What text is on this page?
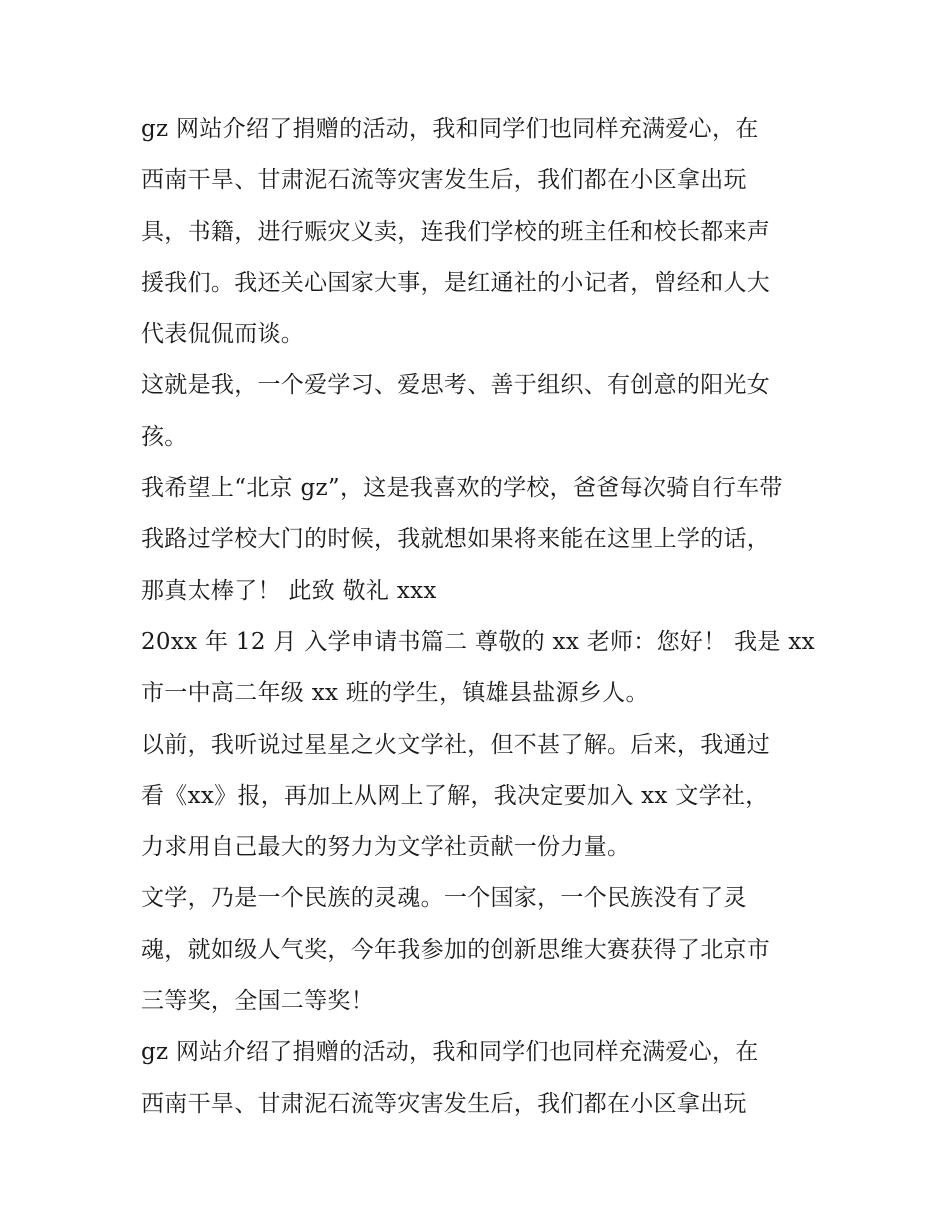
gz 网站介绍了捐赠的活动，我和同学们也同样充满爱心，在
西南干旱、甘肃泥石流等灾害发生后，我们都在小区拿出玩
具，书籍，进行赈灾义卖，连我们学校的班主任和校长都来声
援我们。我还关心国家大事，是红通社的小记者，曾经和人大
代表侃侃而谈。
这就是我，一个爱学习、爱思考、善于组织、有创意的阳光女
孩。
我希望上“北京 gz”，这是我喜欢的学校，爸爸每次骑自行车带
我路过学校大门的时候，我就想如果将来能在这里上学的话，
那真太棒了！ 此致 敬礼 xxx
20xx 年 12 月 入学申请书篇二 尊敬的 xx 老师：您好！ 我是 xx
市一中高二年级 xx 班的学生，镇雄县盐源乡人。
以前，我听说过星星之火文学社，但不甚了解。后来，我通过
看《xx》报，再加上从网上了解，我决定要加入 xx 文学社，
力求用自己最大的努力为文学社贡献一份力量。
文学，乃是一个民族的灵魂。一个国家，一个民族没有了灵
魂，就如级人气奖，今年我参加的创新思维大赛获得了北京市
三等奖，全国二等奖！
gz 网站介绍了捐赠的活动，我和同学们也同样充满爱心，在
西南干旱、甘肃泥石流等灾害发生后，我们都在小区拿出玩
